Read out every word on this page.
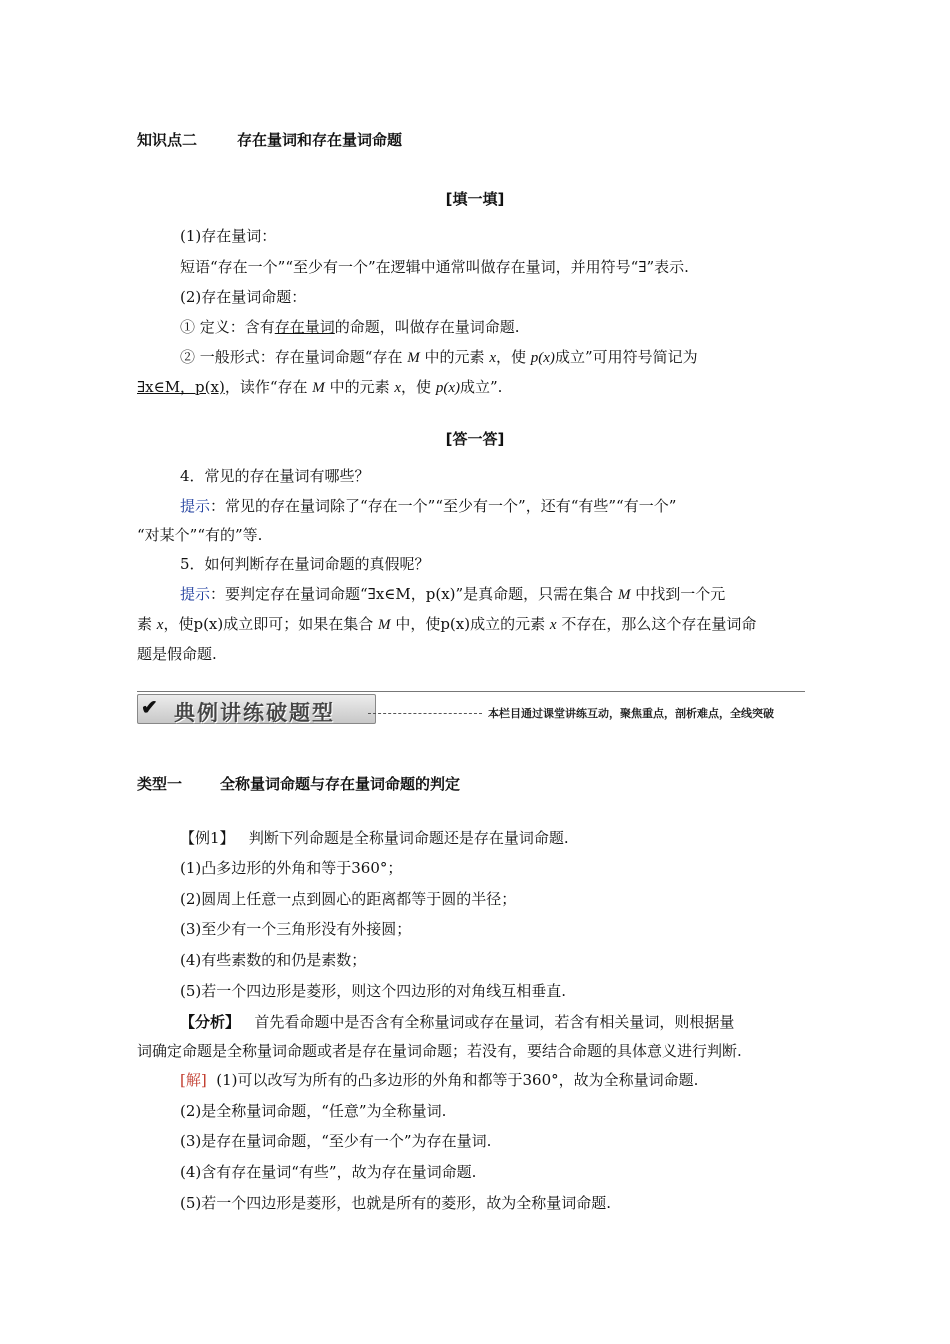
知识点二	存在量词和存在量词命题
[填一填]
(1)存在量词：
短语“存在一个”“至少有一个”在逻辑中通常叫做存在量词，并用符号“∃”表示.
(2)存在量词命题：
① 定义：含有存在量词的命题，叫做存在量词命题.
② 一般形式：存在量词命题“存在 M 中的元素 x，使 p(x)成立”可用符号简记为
∃x∈M，p(x)，读作“存在 M 中的元素 x，使 p(x)成立”.
[答一答]
4．常见的存在量词有哪些？
提示：常见的存在量词除了“存在一个”“至少有一个”，还有“有些”“有一个”
“对某个”“有的”等.
5．如何判断存在量词命题的真假呢？
提示：要判定存在量词命题“∃x∈M，p(x)”是真命题，只需在集合 M 中找到一个元
素 x，使p(x)成立即可；如果在集合 M 中，使p(x)成立的元素 x 不存在，那么这个存在量词命
题是假命题.
✔ 典例讲练破题型	本栏目通过课堂讲练互动，聚焦重点，剖析难点，全线突破
类型一	全称量词命题与存在量词命题的判定
【例1】 判断下列命题是全称量词命题还是存在量词命题.
(1)凸多边形的外角和等于360°；
(2)圆周上任意一点到圆心的距离都等于圆的半径；
(3)至少有一个三角形没有外接圆；
(4)有些素数的和仍是素数；
(5)若一个四边形是菱形，则这个四边形的对角线互相垂直.
【分析】 首先看命题中是否含有全称量词或存在量词，若含有相关量词，则根据量
词确定命题是全称量词命题或者是存在量词命题；若没有，要结合命题的具体意义进行判断.
[解] (1)可以改写为所有的凸多边形的外角和都等于360°，故为全称量词命题.
(2)是全称量词命题，“任意”为全称量词.
(3)是存在量词命题，“至少有一个”为存在量词.
(4)含有存在量词“有些”，故为存在量词命题.
(5)若一个四边形是菱形，也就是所有的菱形，故为全称量词命题.
